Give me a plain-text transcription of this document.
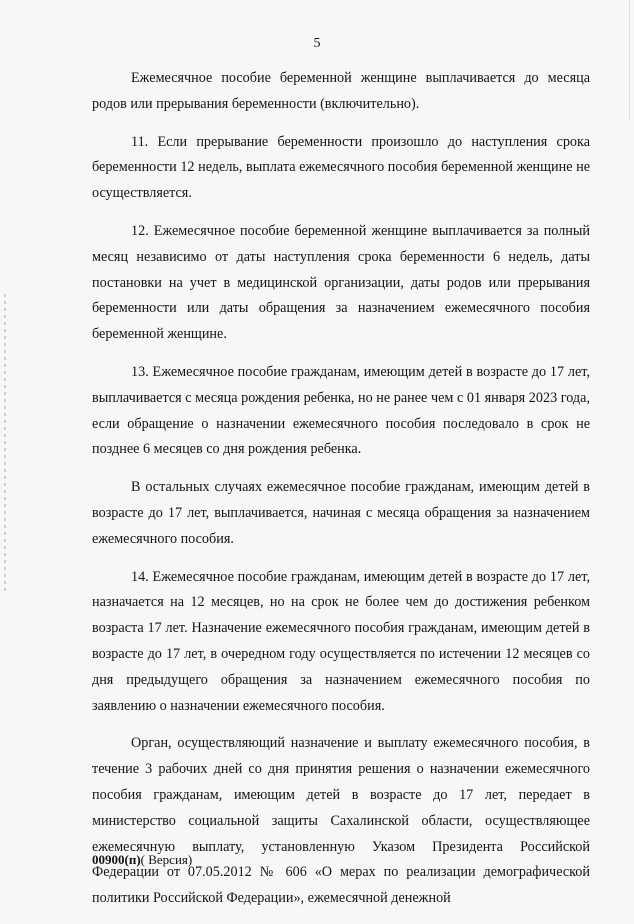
5

Ежемесячное пособие беременной женщине выплачивается до месяца родов или прерывания беременности (включительно).

11. Если прерывание беременности произошло до наступления срока беременности 12 недель, выплата ежемесячного пособия беременной женщине не осуществляется.

12. Ежемесячное пособие беременной женщине выплачивается за полный месяц независимо от даты наступления срока беременности 6 недель, даты постановки на учет в медицинской организации, даты родов или прерывания беременности или даты обращения за назначением ежемесячного пособия беременной женщине.

13. Ежемесячное пособие гражданам, имеющим детей в возрасте до 17 лет, выплачивается с месяца рождения ребенка, но не ранее чем с 01 января 2023 года, если обращение о назначении ежемесячного пособия последовало в срок не позднее 6 месяцев со дня рождения ребенка.

В остальных случаях ежемесячное пособие гражданам, имеющим детей в возрасте до 17 лет, выплачивается, начиная с месяца обращения за назначением ежемесячного пособия.

14. Ежемесячное пособие гражданам, имеющим детей в возрасте до 17 лет, назначается на 12 месяцев, но на срок не более чем до достижения ребенком возраста 17 лет. Назначение ежемесячного пособия гражданам, имеющим детей в возрасте до 17 лет, в очередном году осуществляется по истечении 12 месяцев со дня предыдущего обращения за назначением ежемесячного пособия по заявлению о назначении ежемесячного пособия.

Орган, осуществляющий назначение и выплату ежемесячного пособия, в течение 3 рабочих дней со дня принятия решения о назначении ежемесячного пособия гражданам, имеющим детей в возрасте до 17 лет, передает в министерство социальной защиты Сахалинской области, осуществляющее ежемесячную выплату, установленную Указом Президента Российской Федерации от 07.05.2012 № 606 «О мерах по реализации демографической политики Российской Федерации», ежемесячной денежной

00900(п)( Версия)
